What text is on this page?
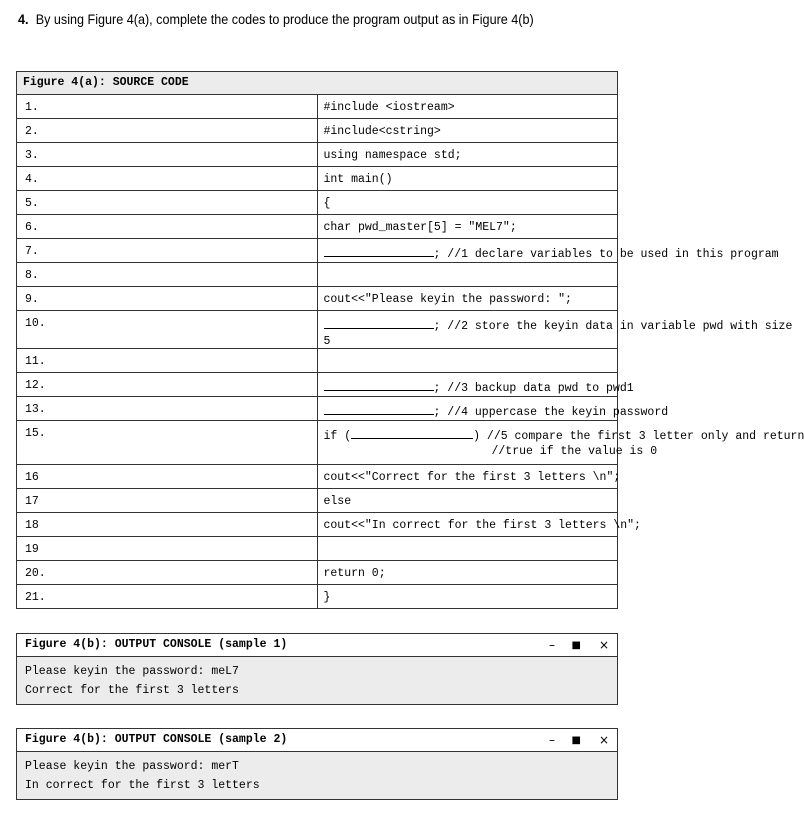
4. By using Figure 4(a), complete the codes to produce the program output as in Figure 4(b)
Figure 4(a): SOURCE CODE	
1.	#include <iostream>
2.	#include<cstring>
3.	using namespace std;
4.	int main()
5.	{
6.	char pwd_master[5] = "MEL7";
7.	; //1 declare variables to be used in this program
8.	
9.	cout<<"Please keyin the password: ";
10.	; //2 store the keyin data in variable pwd with size
5

11.	
12.	; //3 backup data pwd to pwd1
13.	; //4 uppercase the keyin password
15.	if ( ) //5 compare the first 3 letter only and return
//true if the value is 0

16	cout<<"Correct for the first 3 letters \n";
17	else
18	cout<<"In correct for the first 3 letters \n";
19	
20.	return 0;
21.	}
Figure 4(b): OUTPUT CONSOLE (sample 1)	– ■ ×
Please keyin the password: meL7
Correct for the first 3 letters
Figure 4(b): OUTPUT CONSOLE (sample 2)	– ■ ×
Please keyin the password: merT
In correct for the first 3 letters
